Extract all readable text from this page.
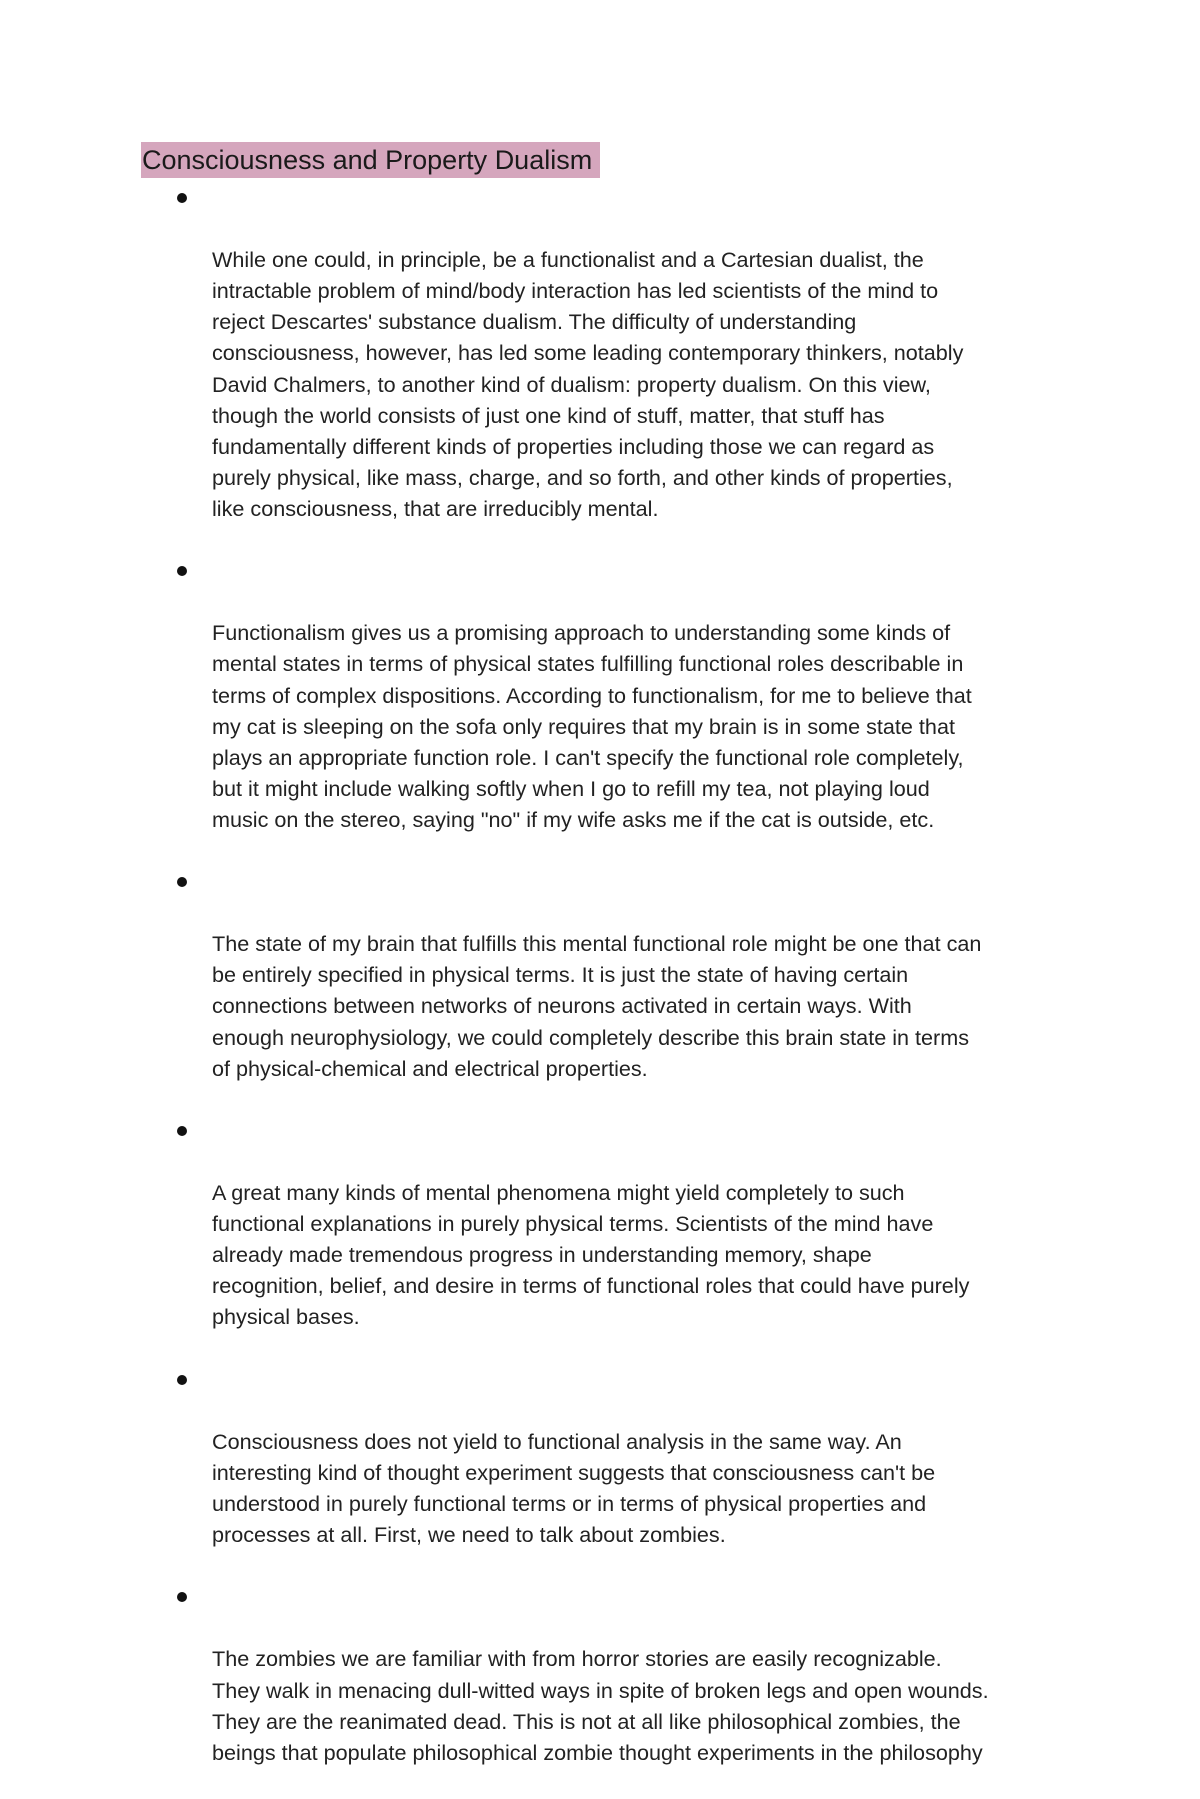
Consciousness and Property Dualism

While one could, in principle, be a functionalist and a Cartesian dualist, the
intractable problem of mind/body interaction has led scientists of the mind to
reject Descartes' substance dualism. The difficulty of understanding
consciousness, however, has led some leading contemporary thinkers, notably
David Chalmers, to another kind of dualism: property dualism. On this view,
though the world consists of just one kind of stuff, matter, that stuff has
fundamentally different kinds of properties including those we can regard as
purely physical, like mass, charge, and so forth, and other kinds of properties,
like consciousness, that are irreducibly mental.

Functionalism gives us a promising approach to understanding some kinds of
mental states in terms of physical states fulfilling functional roles describable in
terms of complex dispositions. According to functionalism, for me to believe that
my cat is sleeping on the sofa only requires that my brain is in some state that
plays an appropriate function role. I can't specify the functional role completely,
but it might include walking softly when I go to refill my tea, not playing loud
music on the stereo, saying "no" if my wife asks me if the cat is outside, etc.

The state of my brain that fulfills this mental functional role might be one that can
be entirely specified in physical terms. It is just the state of having certain
connections between networks of neurons activated in certain ways. With
enough neurophysiology, we could completely describe this brain state in terms
of physical-chemical and electrical properties.

A great many kinds of mental phenomena might yield completely to such
functional explanations in purely physical terms. Scientists of the mind have
already made tremendous progress in understanding memory, shape
recognition, belief, and desire in terms of functional roles that could have purely
physical bases.

Consciousness does not yield to functional analysis in the same way. An
interesting kind of thought experiment suggests that consciousness can't be
understood in purely functional terms or in terms of physical properties and
processes at all. First, we need to talk about zombies.

The zombies we are familiar with from horror stories are easily recognizable.
They walk in menacing dull-witted ways in spite of broken legs and open wounds.
They are the reanimated dead. This is not at all like philosophical zombies, the
beings that populate philosophical zombie thought experiments in the philosophy
